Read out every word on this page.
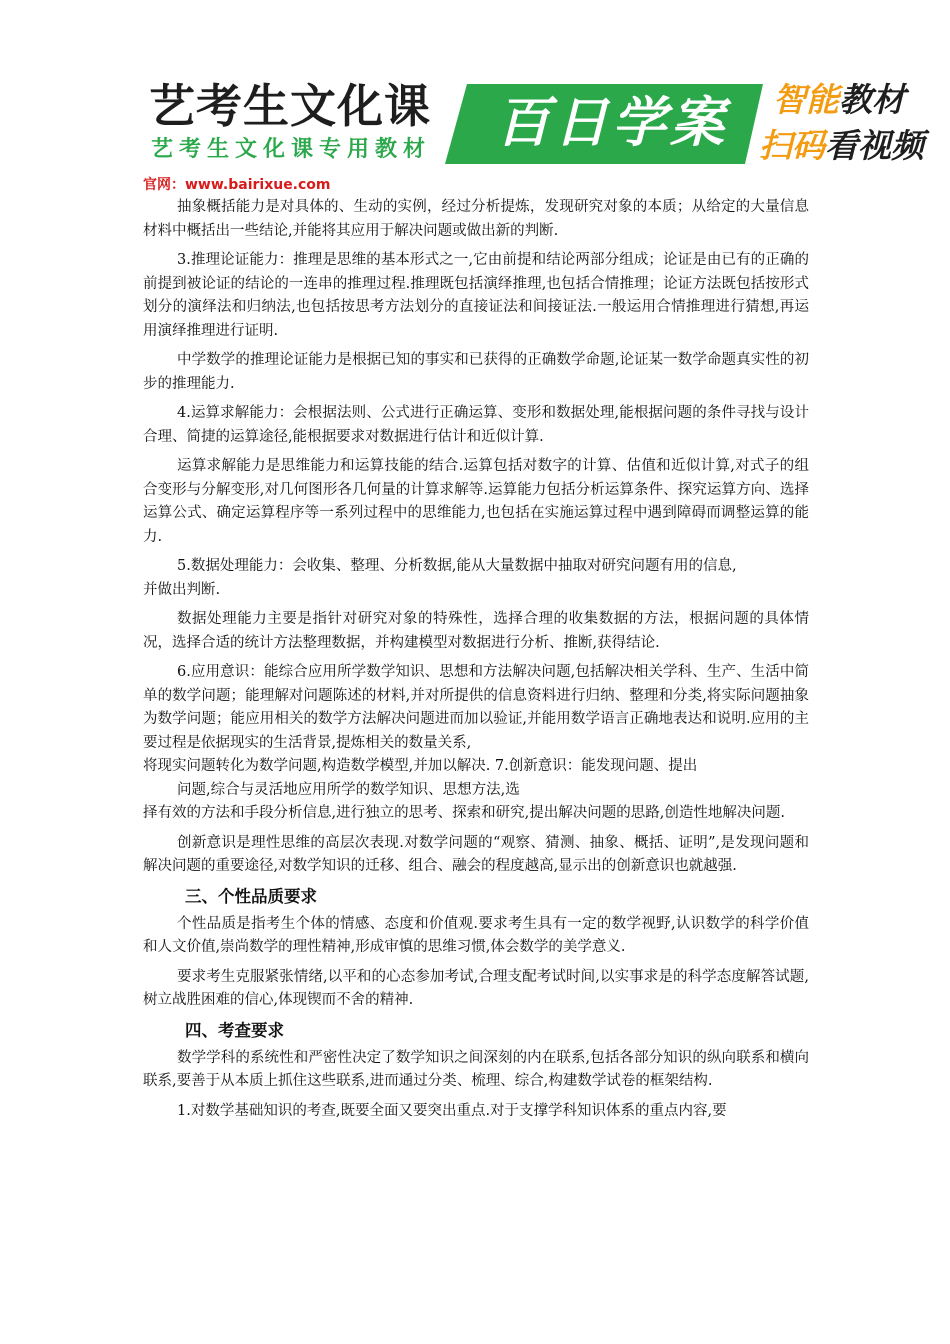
艺考生文化课
艺考生文化课专用教材	百日学案	智能教材
扫码看视频
官网：www.bairixue.com

抽象概括能力是对具体的、生动的实例，经过分析提炼，发现研究对象的本质；从给定的大量信息材料中概括出一些结论,并能将其应用于解决问题或做出新的判断.

3.推理论证能力：推理是思维的基本形式之一,它由前提和结论两部分组成；论证是由已有的正确的前提到被论证的结论的一连串的推理过程.推理既包括演绎推理,也包括合情推理；论证方法既包括按形式划分的演绎法和归纳法,也包括按思考方法划分的直接证法和间接证法.一般运用合情推理进行猜想,再运用演绎推理进行证明.

中学数学的推理论证能力是根据已知的事实和已获得的正确数学命题,论证某一数学命题真实性的初步的推理能力.

4.运算求解能力：会根据法则、公式进行正确运算、变形和数据处理,能根据问题的条件寻找与设计合理、简捷的运算途径,能根据要求对数据进行估计和近似计算.

运算求解能力是思维能力和运算技能的结合.运算包括对数字的计算、估值和近似计算,对式子的组合变形与分解变形,对几何图形各几何量的计算求解等.运算能力包括分析运算条件、探究运算方向、选择运算公式、确定运算程序等一系列过程中的思维能力,也包括在实施运算过程中遇到障碍而调整运算的能力.

5.数据处理能力：会收集、整理、分析数据,能从大量数据中抽取对研究问题有用的信息,

并做出判断.

数据处理能力主要是指针对研究对象的特殊性，选择合理的收集数据的方法，根据问题的具体情况，选择合适的统计方法整理数据，并构建模型对数据进行分析、推断,获得结论.

6.应用意识：能综合应用所学数学知识、思想和方法解决问题,包括解决相关学科、生产、生活中简单的数学问题；能理解对问题陈述的材料,并对所提供的信息资料进行归纳、整理和分类,将实际问题抽象为数学问题；能应用相关的数学方法解决问题进而加以验证,并能用数学语言正确地表达和说明.应用的主要过程是依据现实的生活背景,提炼相关的数量关系,

将现实问题转化为数学问题,构造数学模型,并加以解决. 7.创新意识：能发现问题、提出

问题,综合与灵活地应用所学的数学知识、思想方法,选

择有效的方法和手段分析信息,进行独立的思考、探索和研究,提出解决问题的思路,创造性地解决问题.

创新意识是理性思维的高层次表现.对数学问题的“观察、猜测、抽象、概括、证明”,是发现问题和解决问题的重要途径,对数学知识的迁移、组合、融会的程度越高,显示出的创新意识也就越强.

三、个性品质要求

个性品质是指考生个体的情感、态度和价值观.要求考生具有一定的数学视野,认识数学的科学价值和人文价值,崇尚数学的理性精神,形成审慎的思维习惯,体会数学的美学意义.

要求考生克服紧张情绪,以平和的心态参加考试,合理支配考试时间,以实事求是的科学态度解答试题,树立战胜困难的信心,体现锲而不舍的精神.

四、考查要求

数学学科的系统性和严密性决定了数学知识之间深刻的内在联系,包括各部分知识的纵向联系和横向联系,要善于从本质上抓住这些联系,进而通过分类、梳理、综合,构建数学试卷的框架结构.

1.对数学基础知识的考查,既要全面又要突出重点.对于支撑学科知识体系的重点内容,要
